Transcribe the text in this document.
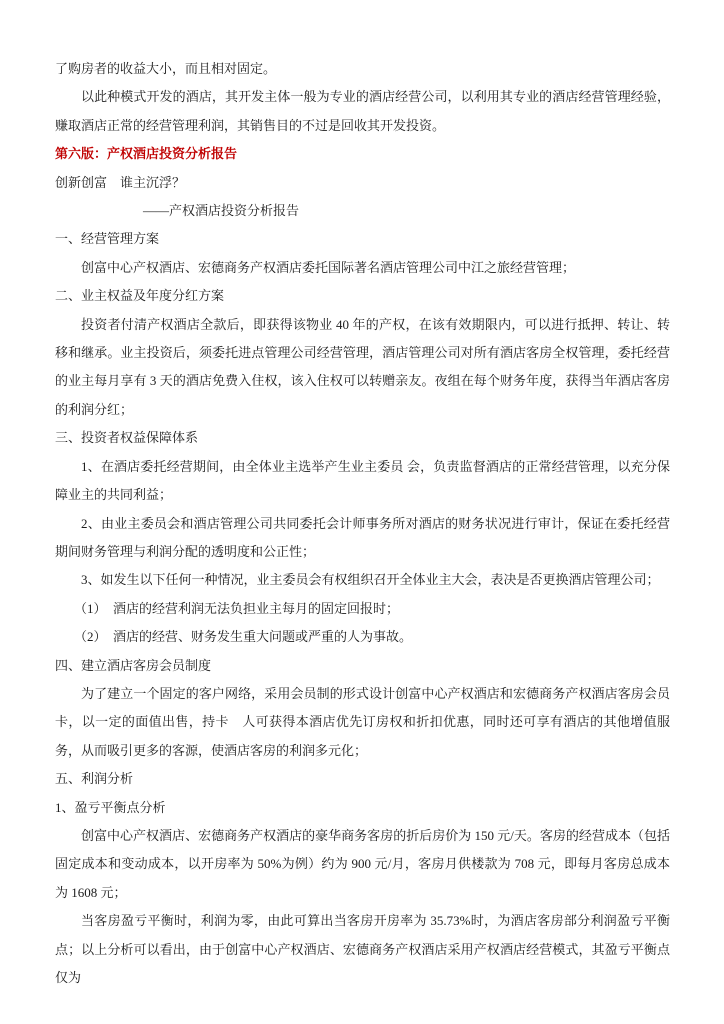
了购房者的收益大小，而且相对固定。

以此种模式开发的酒店，其开发主体一般为专业的酒店经营公司，以利用其专业的酒店经营管理经验，赚取酒店正常的经营管理利润，其销售目的不过是回收其开发投资。

第六版：产权酒店投资分析报告

创新创富　谁主沉浮？

——产权酒店投资分析报告

一、经营管理方案

创富中心产权酒店、宏德商务产权酒店委托国际著名酒店管理公司中江之旅经营管理；

二、业主权益及年度分红方案

投资者付清产权酒店全款后，即获得该物业 40 年的产权，在该有效期限内，可以进行抵押、转让、转移和继承。业主投资后，须委托进点管理公司经营管理，酒店管理公司对所有酒店客房全权管理，委托经营的业主每月享有 3 天的酒店免费入住权，该入住权可以转赠亲友。夜组在每个财务年度，获得当年酒店客房的利润分红；

三、投资者权益保障体系

1、在酒店委托经营期间，由全体业主选举产生业主委员 会，负责监督酒店的正常经营管理，以充分保障业主的共同利益；

2、由业主委员会和酒店管理公司共同委托会计师事务所对酒店的财务状况进行审计，保证在委托经营期间财务管理与利润分配的透明度和公正性；

3、如发生以下任何一种情况，业主委员会有权组织召开全体业主大会，表决是否更换酒店管理公司；

（1）　酒店的经营利润无法负担业主每月的固定回报时；

（2）　酒店的经营、财务发生重大问题或严重的人为事故。

四、建立酒店客房会员制度

为了建立一个固定的客户网络，采用会员制的形式设计创富中心产权酒店和宏德商务产权酒店客房会员卡，以一定的面值出售，持卡　人可获得本酒店优先订房权和折扣优惠，同时还可享有酒店的其他增值服务，从而吸引更多的客源，使酒店客房的利润多元化；

五、利润分析

1、盈亏平衡点分析

创富中心产权酒店、宏德商务产权酒店的豪华商务客房的折后房价为 150 元/天。客房的经营成本（包括固定成本和变动成本，以开房率为 50%为例）约为 900 元/月，客房月供楼款为 708 元，即每月客房总成本为 1608 元；

当客房盈亏平衡时，利润为零，由此可算出当客房开房率为 35.73%时，为酒店客房部分利润盈亏平衡点；以上分析可以看出，由于创富中心产权酒店、宏德商务产权酒店采用产权酒店经营模式，其盈亏平衡点仅为
